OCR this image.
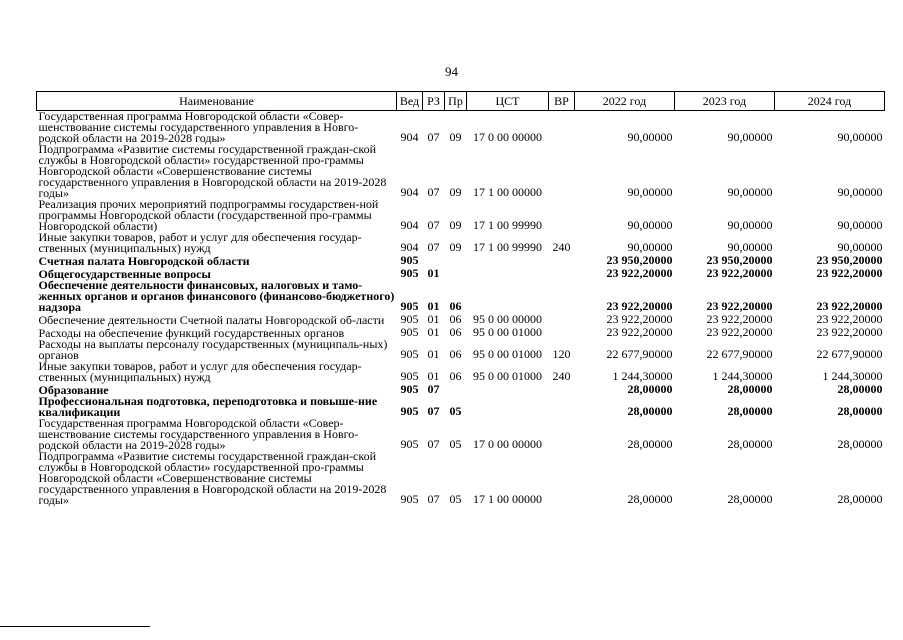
94
Наименование	Вед	РЗ	Пр	ЦСТ	ВР	2022 год	2023 год	2024 год
Государственная программа Новгородской области «Совер-шенствование системы государственного управления в Новго-родской области на 2019-2028 годы»	904	07	09	17 0 00 00000		90,00000	90,00000	90,00000
Подпрограмма «Развитие системы государственной граждан-ской службы в Новгородской области» государственной про-граммы Новгородской области «Совершенствование системы государственного управления в Новгородской области на 2019-2028 годы»	904	07	09	17 1 00 00000		90,00000	90,00000	90,00000
Реализация прочих мероприятий подпрограммы государствен-ной программы Новгородской области (государственной про-граммы Новгородской области)	904	07	09	17 1 00 99990		90,00000	90,00000	90,00000
Иные закупки товаров, работ и услуг для обеспечения государ-ственных (муниципальных) нужд	904	07	09	17 1 00 99990	240	90,00000	90,00000	90,00000
Счетная палата Новгородской области	905					23 950,20000	23 950,20000	23 950,20000
Общегосударственные вопросы	905	01				23 922,20000	23 922,20000	23 922,20000
Обеспечение деятельности финансовых, налоговых и тамо-женных органов и органов финансового (финансово-бюджетного) надзора	905	01	06			23 922,20000	23 922,20000	23 922,20000
Обеспечение деятельности Счетной палаты Новгородской об-ласти	905	01	06	95 0 00 00000		23 922,20000	23 922,20000	23 922,20000
Расходы на обеспечение функций государственных органов	905	01	06	95 0 00 01000		23 922,20000	23 922,20000	23 922,20000
Расходы на выплаты персоналу государственных (муниципаль-ных) органов	905	01	06	95 0 00 01000	120	22 677,90000	22 677,90000	22 677,90000
Иные закупки товаров, работ и услуг для обеспечения государ-ственных (муниципальных) нужд	905	01	06	95 0 00 01000	240	1 244,30000	1 244,30000	1 244,30000
Образование	905	07				28,00000	28,00000	28,00000
Профессиональная подготовка, переподготовка и повыше-ние квалификации	905	07	05			28,00000	28,00000	28,00000
Государственная программа Новгородской области «Совер-шенствование системы государственного управления в Новго-родской области на 2019-2028 годы»	905	07	05	17 0 00 00000		28,00000	28,00000	28,00000
Подпрограмма «Развитие системы государственной граждан-ской службы в Новгородской области» государственной про-граммы Новгородской области «Совершенствование системы государственного управления в Новгородской области на 2019-2028 годы»	905	07	05	17 1 00 00000		28,00000	28,00000	28,00000
